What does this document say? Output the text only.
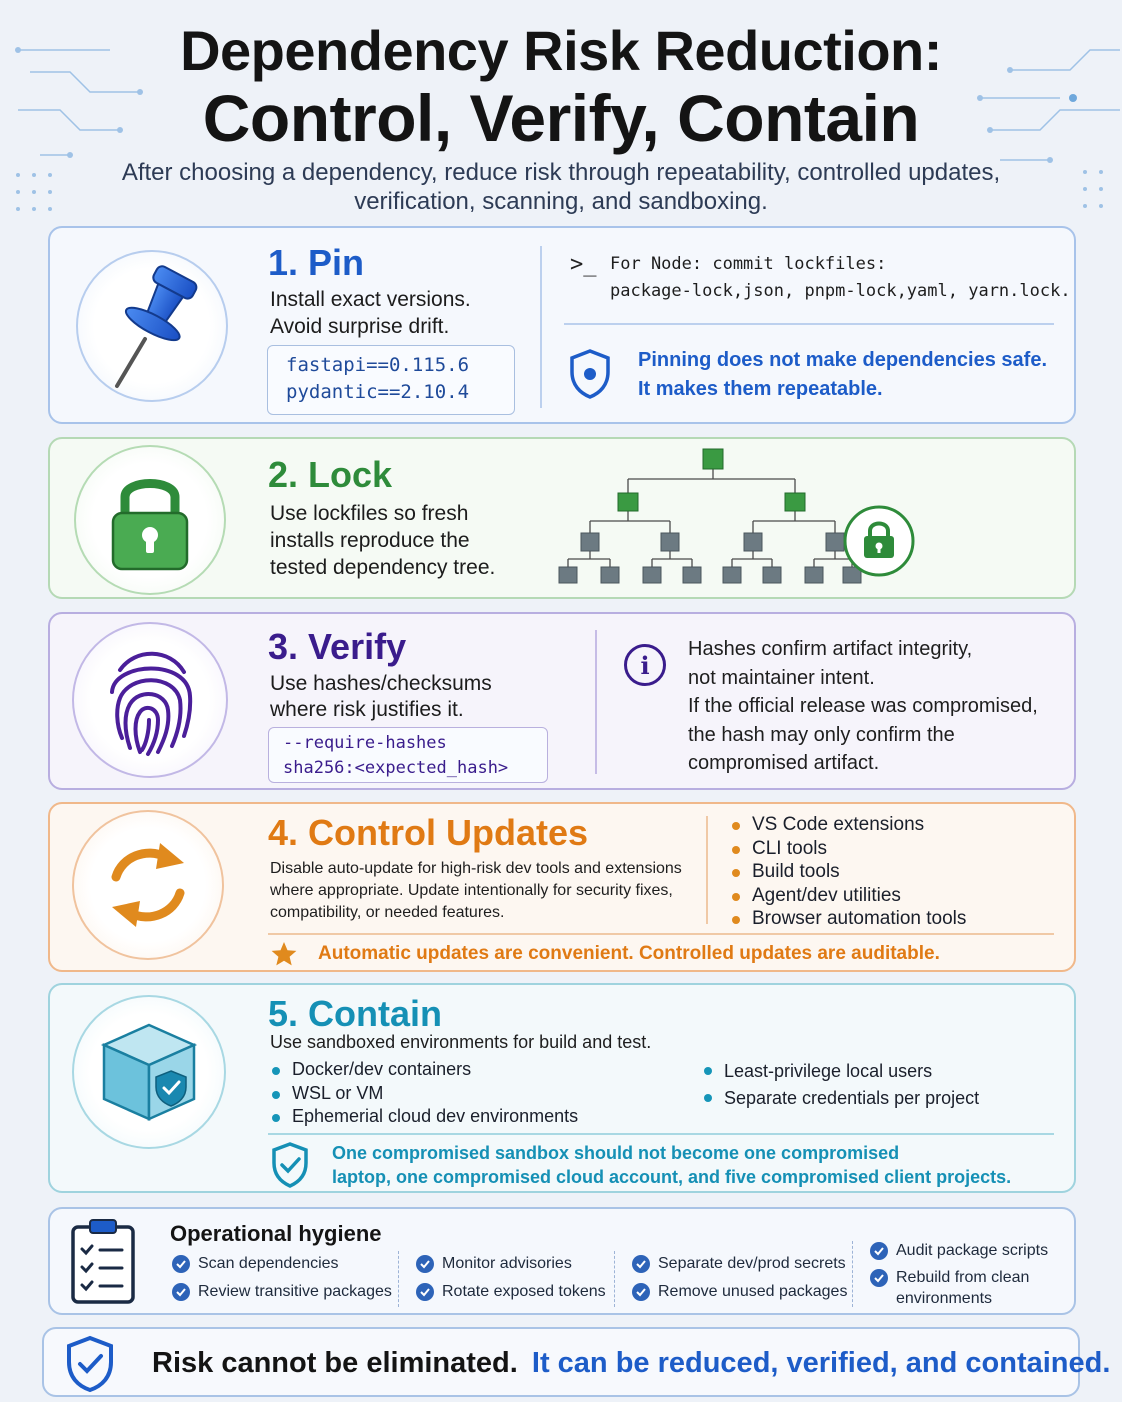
Dependency Risk Reduction:
Control, Verify, Contain
After choosing a dependency, reduce risk through repeatability, controlled updates, verification, scanning, and sandboxing.
1. Pin
Install exact versions.
Avoid surprise drift.
fastapi==0.115.6
pydantic==2.10.4
>_ For Node: commit lockfiles:
package-lock,json, pnpm-lock,yaml, yarn.lock.
Pinning does not make dependencies safe.
It makes them repeatable.
2. Lock
Use lockfiles so fresh
installs reproduce the
tested dependency tree.
3. Verify
Use hashes/checksums
where risk justifies it.
--require-hashes
sha256:<expected_hash>
i
Hashes confirm artifact integrity,
not maintainer intent.
If the official release was compromised,
the hash may only confirm the
compromised artifact.
4. Control Updates
Disable auto-update for high-risk dev tools and extensions
where appropriate. Update intentionally for security fixes,
compatibility, or needed features.
VS Code extensions
CLI tools
Build tools
Agent/dev utilities
Browser automation tools
Automatic updates are convenient. Controlled updates are auditable.
5. Contain
Use sandboxed environments for build and test.
Docker/dev containers
WSL or VM
Ephemerial cloud dev environments
Least-privilege local users
Separate credentials per project
One compromised sandbox should not become one compromised
laptop, one compromised cloud account, and five compromised client projects.
Operational hygiene
Scan dependencies
Review transitive packages
Monitor advisories
Rotate exposed tokens
Separate dev/prod secrets
Remove unused packages
Audit package scripts
Rebuild from clean
environments
Risk cannot be eliminated. It can be reduced, verified, and contained.
